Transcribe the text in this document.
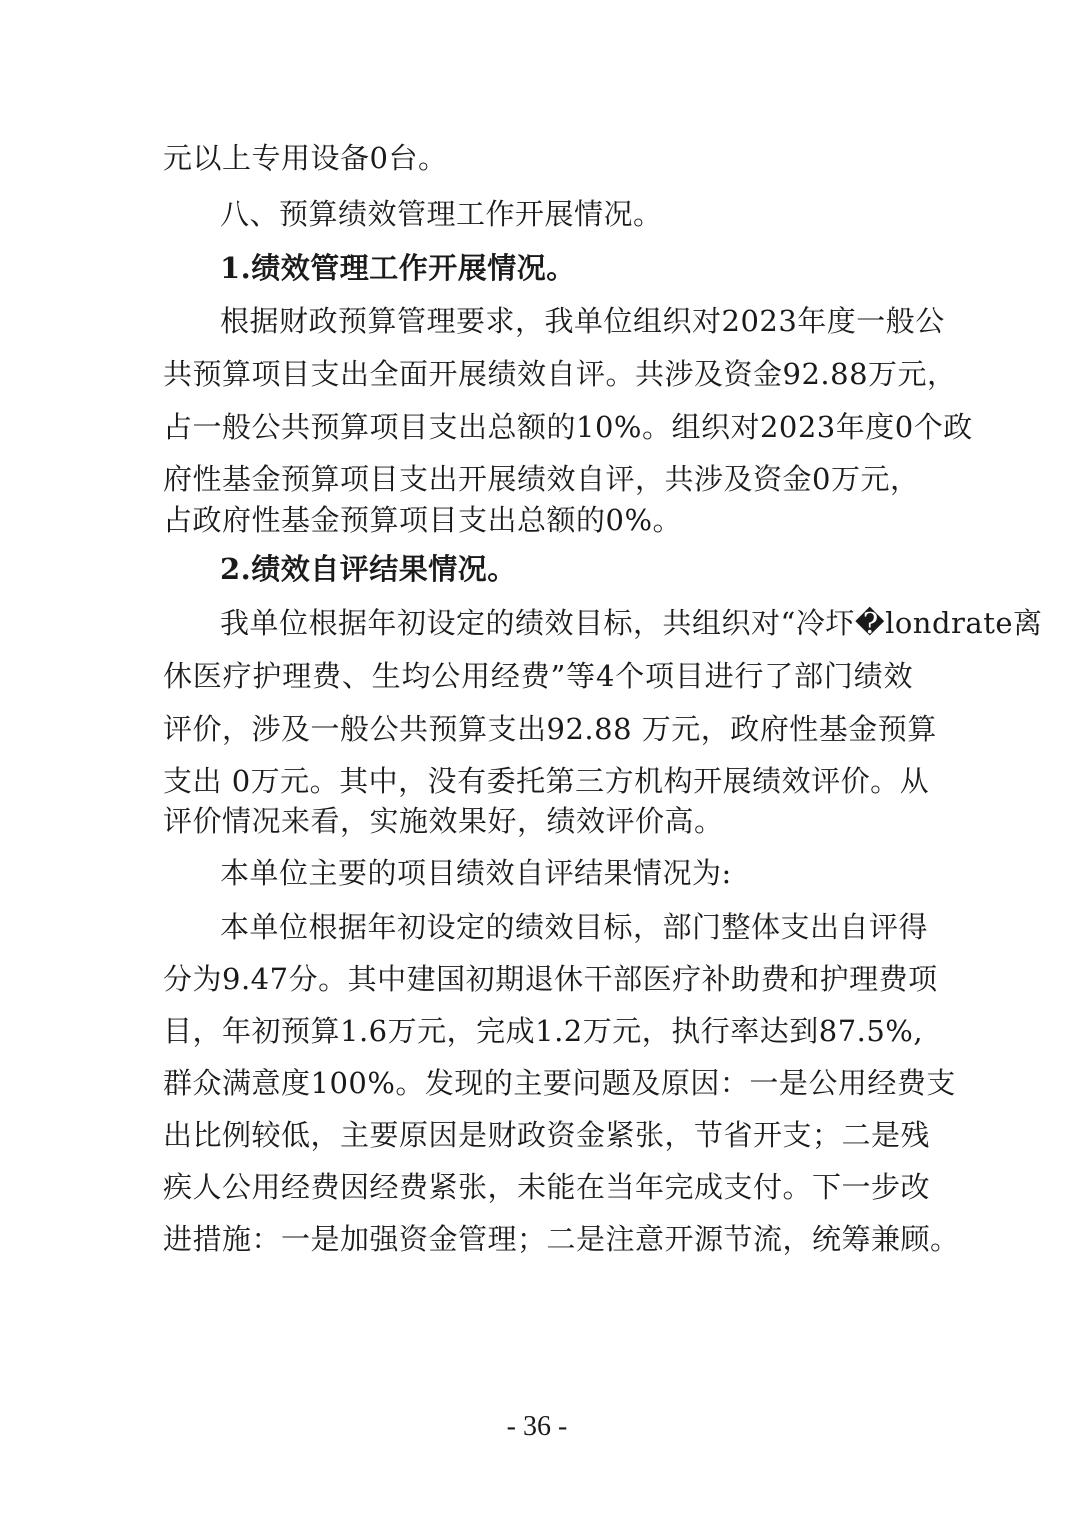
元以上专用设备0台。
八、预算绩效管理工作开展情况。
1.绩效管理工作开展情况。
根据财政预算管理要求，我单位组织对2023年度一般公
共预算项目支出全面开展绩效自评。共涉及资金92.88万元，
占一般公共预算项目支出总额的10%。组织对2023年度0个政
府性基金预算项目支出开展绩效自评，共涉及资金0万元，
占政府性基金预算项目支出总额的0%。
2.绩效自评结果情况。
我单位根据年初设定的绩效目标，共组织对“冷圷�londrate离
休医疗护理费、生均公用经费”等4个项目进行了部门绩效
评价，涉及一般公共预算支出92.88 万元，政府性基金预算
支出 0万元。其中，没有委托第三方机构开展绩效评价。从
评价情况来看，实施效果好，绩效评价高。
本单位主要的项目绩效自评结果情况为:
本单位根据年初设定的绩效目标，部门整体支出自评得
分为9.47分。其中建国初期退休干部医疗补助费和护理费项
目，年初预算1.6万元，完成1.2万元，执行率达到87.5%,
群众满意度100%。发现的主要问题及原因：一是公用经费支
出比例较低，主要原因是财政资金紧张，节省开支；二是残
疾人公用经费因经费紧张，未能在当年完成支付。下一步改
进措施：一是加强资金管理；二是注意开源节流，统筹兼顾。
- 36 -
